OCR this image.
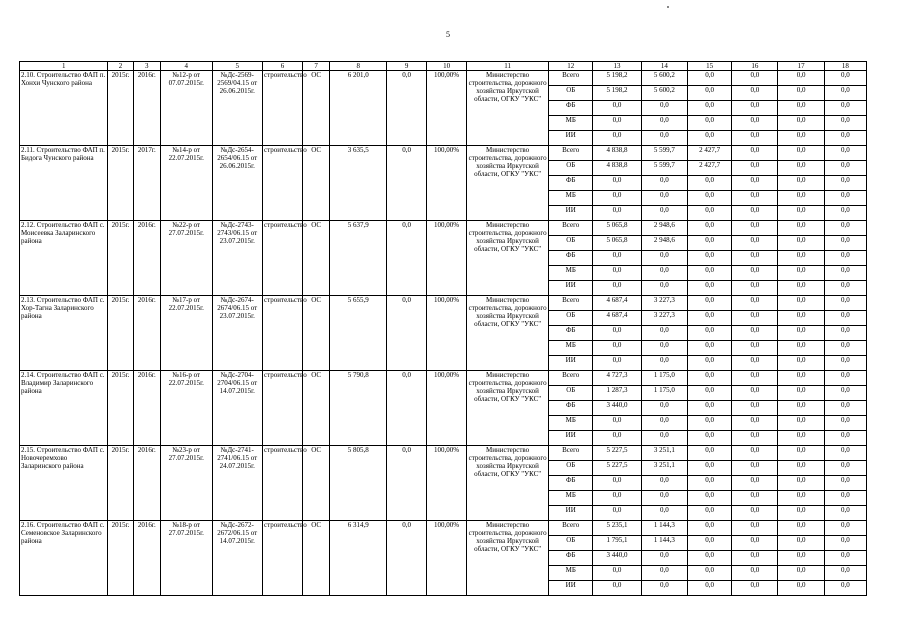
5
1	2	3	4	5	6	7	8	9	10	11	12	13	14	15	16	17	18
2.10. Строительство ФАП п. Хонхи Чунского района	2015г.	2016г.	№12-р от 07.07.2015г.	№Дс-2569-2569/04.15 от 26.06.2015г.	строительство	ОС	6 201,0	0,0	100,00%	Министерство строительства, дорожного хозяйства Иркутской области, ОГКУ "УКС"	Всего	5 198,2	5 600,2	0,0	0,0	0,0	0,0
											ОБ	5 198,2	5 600,2	0,0	0,0	0,0	0,0
											ФБ	0,0	0,0	0,0	0,0	0,0	0,0
											МБ	0,0	0,0	0,0	0,0	0,0	0,0
											ИИ	0,0	0,0	0,0	0,0	0,0	0,0
2.11. Строительство ФАП п. Бидога Чунского района	2015г.	2017г.	№14-р от 22.07.2015г.	№Дс-2654-2654/06.15 от 26.06.2015г.	строительство	ОС	3 635,5	0,0	100,00%	Министерство строительства, дорожного хозяйства Иркутской области, ОГКУ "УКС"	Всего	4 838,8	5 599,7	2 427,7	0,0	0,0	0,0
											ОБ	4 838,8	5 599,7	2 427,7	0,0	0,0	0,0
											ФБ	0,0	0,0	0,0	0,0	0,0	0,0
											МБ	0,0	0,0	0,0	0,0	0,0	0,0
											ИИ	0,0	0,0	0,0	0,0	0,0	0,0
2.12. Строительство ФАП с. Моисеевка Заларинского района	2015г.	2016г.	№22-р от 27.07.2015г.	№Дс-2743-2743/06.15 от 23.07.2015г.	строительство	ОС	5 637,9	0,0	100,00%	Министерство строительства, дорожного хозяйства Иркутской области, ОГКУ "УКС"	Всего	5 065,8	2 948,6	0,0	0,0	0,0	0,0
											ОБ	5 065,8	2 948,6	0,0	0,0	0,0	0,0
											ФБ	0,0	0,0	0,0	0,0	0,0	0,0
											МБ	0,0	0,0	0,0	0,0	0,0	0,0
											ИИ	0,0	0,0	0,0	0,0	0,0	0,0
2.13. Строительство ФАП с. Хор-Тагна Заларинского района	2015г.	2016г.	№17-р от 22.07.2015г.	№Дс-2674-2674/06.15 от 23.07.2015г.	строительство	ОС	5 655,9	0,0	100,00%	Министерство строительства, дорожного хозяйства Иркутской области, ОГКУ "УКС"	Всего	4 687,4	3 227,3	0,0	0,0	0,0	0,0
											ОБ	4 687,4	3 227,3	0,0	0,0	0,0	0,0
											ФБ	0,0	0,0	0,0	0,0	0,0	0,0
											МБ	0,0	0,0	0,0	0,0	0,0	0,0
											ИИ	0,0	0,0	0,0	0,0	0,0	0,0
2.14. Строительство ФАП с. Владимир Заларинского района	2015г.	2016г.	№16-р от 22.07.2015г.	№Дс-2704-2704/06.15 от 14.07.2015г.	строительство	ОС	5 790,8	0,0	100,00%	Министерство строительства, дорожного хозяйства Иркутской области, ОГКУ "УКС"	Всего	4 727,3	1 175,0	0,0	0,0	0,0	0,0
											ОБ	1 287,3	1 175,0	0,0	0,0	0,0	0,0
											ФБ	3 440,0	0,0	0,0	0,0	0,0	0,0
											МБ	0,0	0,0	0,0	0,0	0,0	0,0
											ИИ	0,0	0,0	0,0	0,0	0,0	0,0
2.15. Строительство ФАП с. Новочеремхово Заларинского района	2015г.	2016г.	№23-р от 27.07.2015г.	№Дс-2741-2741/06.15 от 24.07.2015г.	строительство	ОС	5 805,8	0,0	100,00%	Министерство строительства, дорожного хозяйства Иркутской области, ОГКУ "УКС"	Всего	5 227,5	3 251,1	0,0	0,0	0,0	0,0
											ОБ	5 227,5	3 251,1	0,0	0,0	0,0	0,0
											ФБ	0,0	0,0	0,0	0,0	0,0	0,0
											МБ	0,0	0,0	0,0	0,0	0,0	0,0
											ИИ	0,0	0,0	0,0	0,0	0,0	0,0
2.16. Строительство ФАП с. Семеновское Заларинского района	2015г.	2016г.	№18-р от 27.07.2015г.	№Дс-2672-2672/06.15 от 14.07.2015г.	строительство	ОС	6 314,9	0,0	100,00%	Министерство строительства, дорожного хозяйства Иркутской области, ОГКУ "УКС"	Всего	5 235,1	1 144,3	0,0	0,0	0,0	0,0
											ОБ	1 795,1	1 144,3	0,0	0,0	0,0	0,0
											ФБ	3 440,0	0,0	0,0	0,0	0,0	0,0
											МБ	0,0	0,0	0,0	0,0	0,0	0,0
											ИИ	0,0	0,0	0,0	0,0	0,0	0,0
